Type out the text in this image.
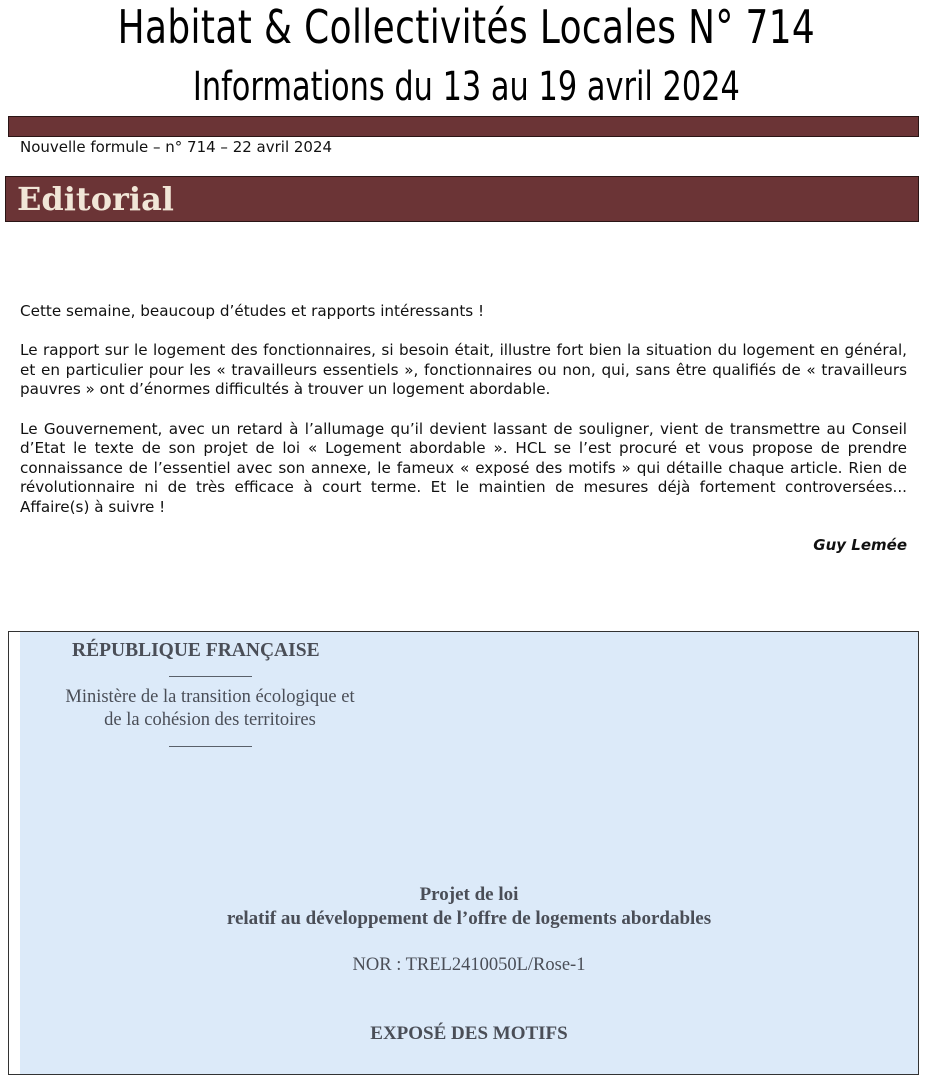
Habitat & Collectivités Locales N° 714
Informations du 13 au 19 avril 2024
Nouvelle formule – n° 714 – 22 avril 2024
Editorial

Cette semaine, beaucoup d’études et rapports intéressants !

Le rapport sur le logement des fonctionnaires, si besoin était, illustre fort bien la situation du logement en général, et en particulier pour les « travailleurs essentiels », fonctionnaires ou non, qui, sans être qualifiés de « travailleurs pauvres » ont d’énormes difficultés à trouver un logement abordable.

Le Gouvernement, avec un retard à l’allumage qu’il devient lassant de souligner, vient de transmettre au Conseil d’Etat le texte de son projet de loi « Logement abordable ». HCL se l’est procuré et vous propose de prendre connaissance de l’essentiel avec son annexe, le fameux « exposé des motifs » qui détaille chaque article. Rien de révolutionnaire ni de très efficace à court terme. Et le maintien de mesures déjà fortement controversées... Affaire(s) à suivre !

Guy Lemée
RÉPUBLIQUE FRANÇAISE
Ministère de la transition écologique et
de la cohésion des territoires
Projet de loi
relatif au développement de l’offre de logements abordables
NOR : TREL2410050L/Rose-1
EXPOSÉ DES MOTIFS
